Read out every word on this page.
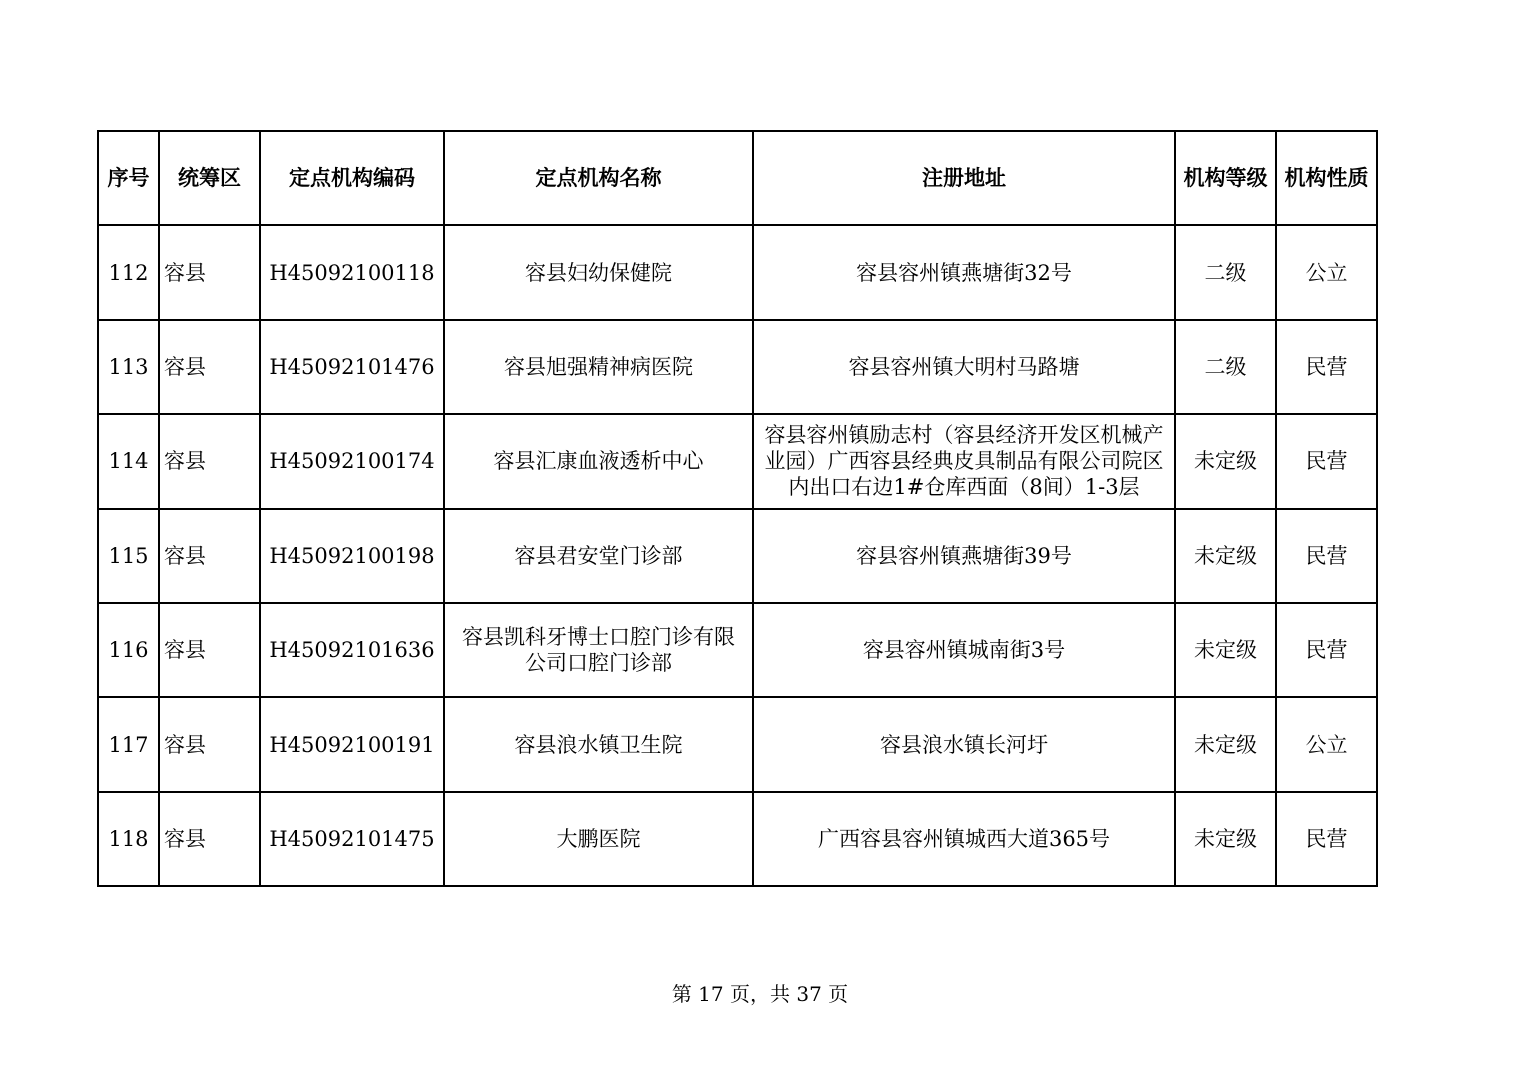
序号	统筹区	定点机构编码	定点机构名称	注册地址	机构等级	机构性质
112	容县	H45092100118	容县妇幼保健院	容县容州镇燕塘街32号	二级	公立
113	容县	H45092101476	容县旭强精神病医院	容县容州镇大明村马路塘	二级	民营
114	容县	H45092100174	容县汇康血液透析中心	容县容州镇励志村（容县经济开发区机械产业园）广西容县经典皮具制品有限公司院区内出口右边1#仓库西面（8间）1-3层	未定级	民营
115	容县	H45092100198	容县君安堂门诊部	容县容州镇燕塘街39号	未定级	民营
116	容县	H45092101636	容县凯科牙博士口腔门诊有限公司口腔门诊部	容县容州镇城南街3号	未定级	民营
117	容县	H45092100191	容县浪水镇卫生院	容县浪水镇长河圩	未定级	公立
118	容县	H45092101475	大鹏医院	广西容县容州镇城西大道365号	未定级	民营
第 17 页，共 37 页
